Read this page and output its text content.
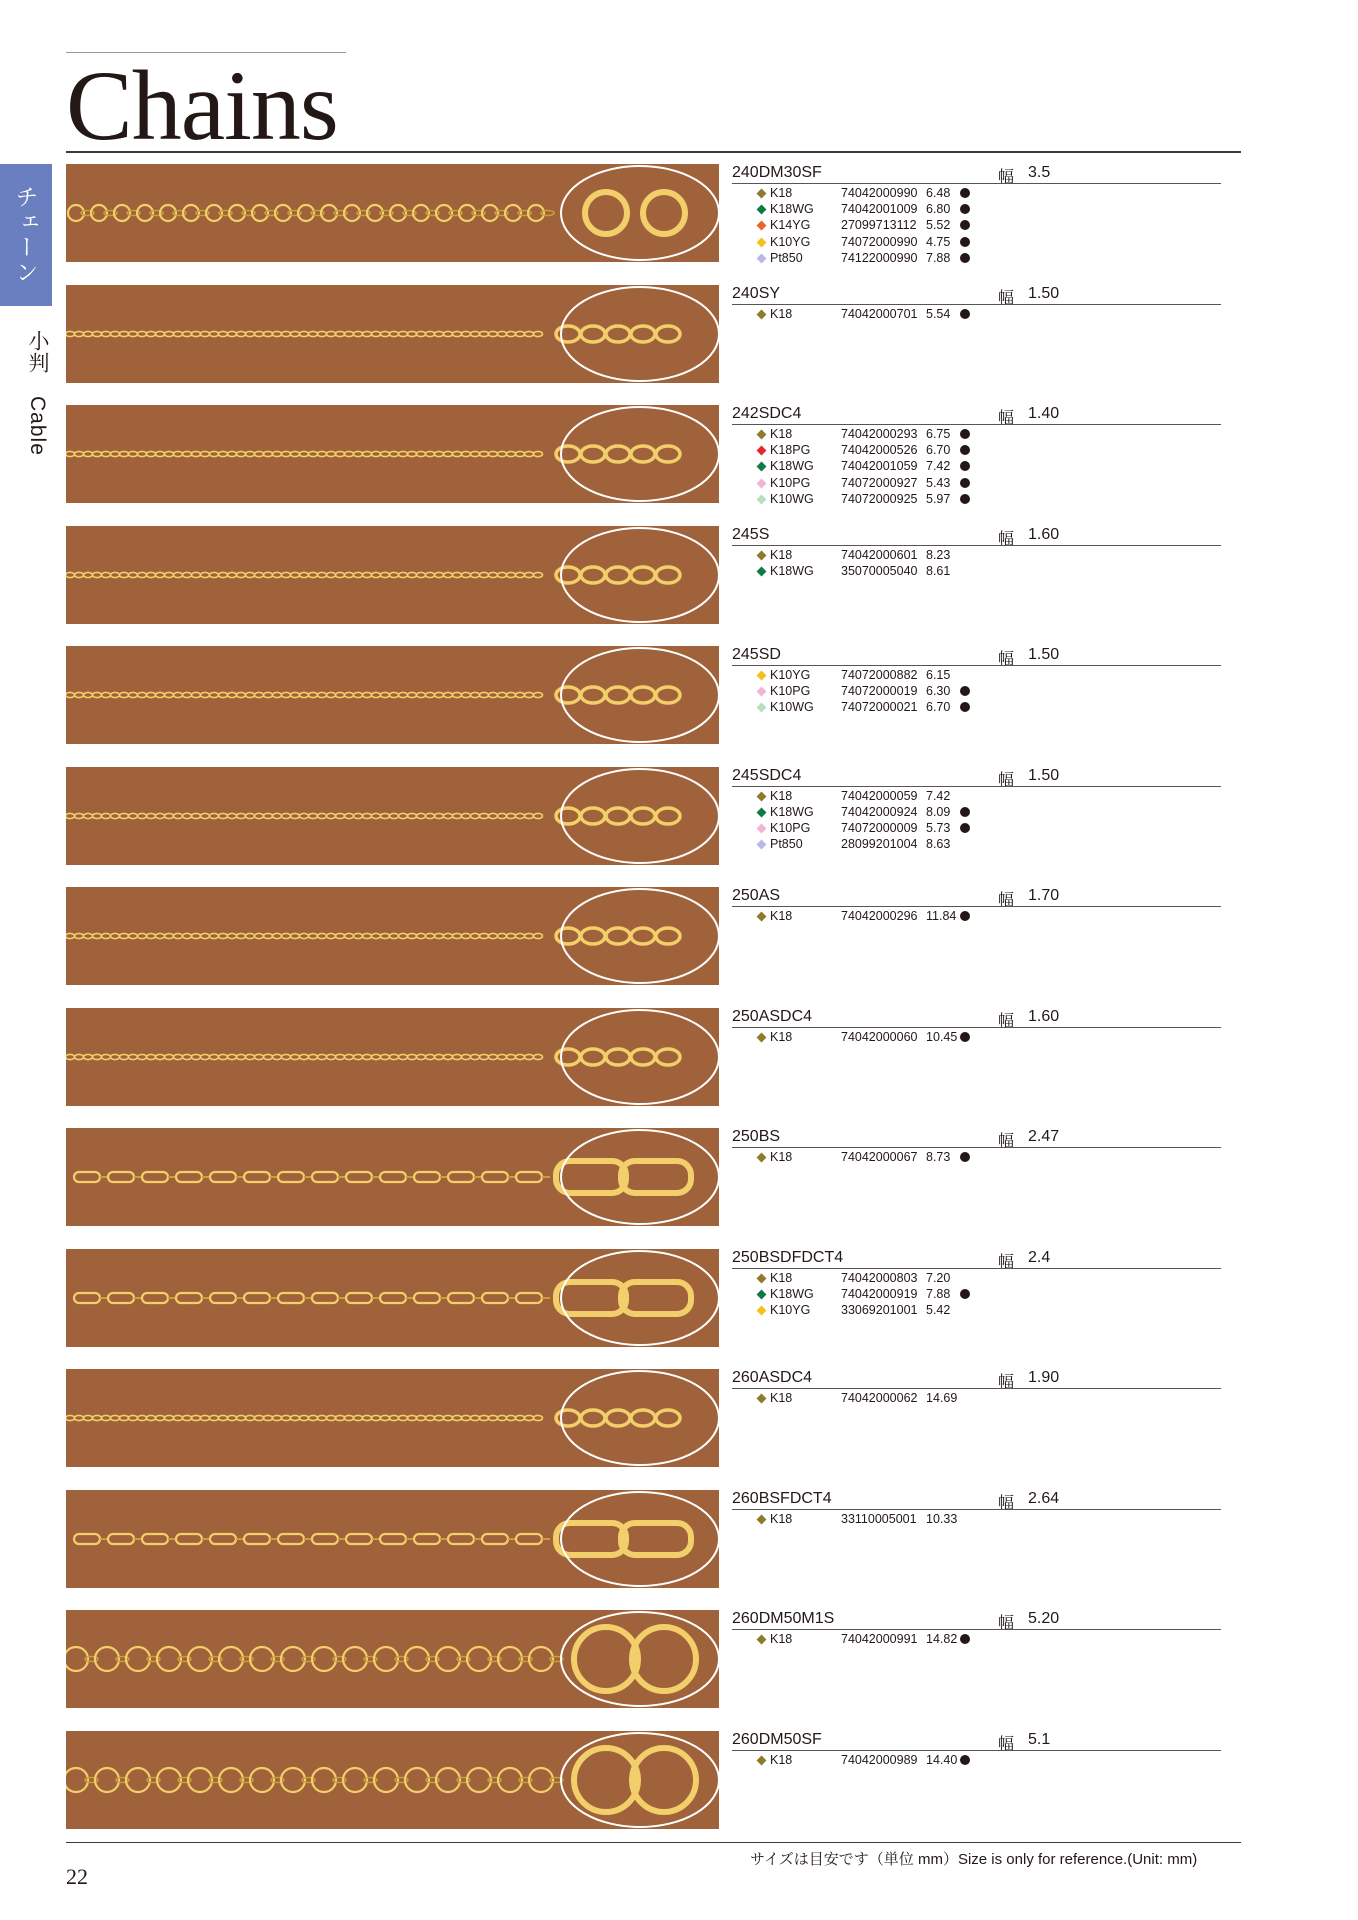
Chains
チェーン
小判　Cable
240DM30SF	幅 3.5
K18	74042000990 6.48
K18WG 74042001009 6.80
K14YG 27099713112 5.52
K10YG 74072000990 4.75
Pt850	74122000990 7.88
240SY	幅 1.50
K18	74042000701 5.54
242SDC4	幅 1.40
K18	74042000293 6.75
K18PG 74042000526 6.70
K18WG 74042001059 7.42
K10PG 74072000927 5.43
K10WG 74072000925 5.97
245S	幅 1.60
K18	74042000601 8.23
K18WG 35070005040 8.61
245SD	幅 1.50
K10YG 74072000882 6.15
K10PG 74072000019 6.30
K10WG 74072000021 6.70
245SDC4	幅 1.50
K18	74042000059 7.42
K18WG 74042000924 8.09
K10PG 74072000009 5.73
Pt850	28099201004 8.63
250AS	幅 1.70
K18	74042000296 11.84
250ASDC4	幅 1.60
K18	74042000060 10.45
250BS	幅 2.47
K18	74042000067 8.73
250BSDFDCT4	幅 2.4
K18	74042000803 7.20
K18WG 74042000919 7.88
K10YG 33069201001 5.42
260ASDC4	幅 1.90
K18	74042000062 14.69
260BSFDCT4	幅 2.64
K18	33110005001 10.33
260DM50M1S	幅 5.20
K18	74042000991 14.82
260DM50SF	幅 5.1
K18	74042000989 14.40
サイズは目安です（単位 mm）Size is only for reference.(Unit: mm)
22
